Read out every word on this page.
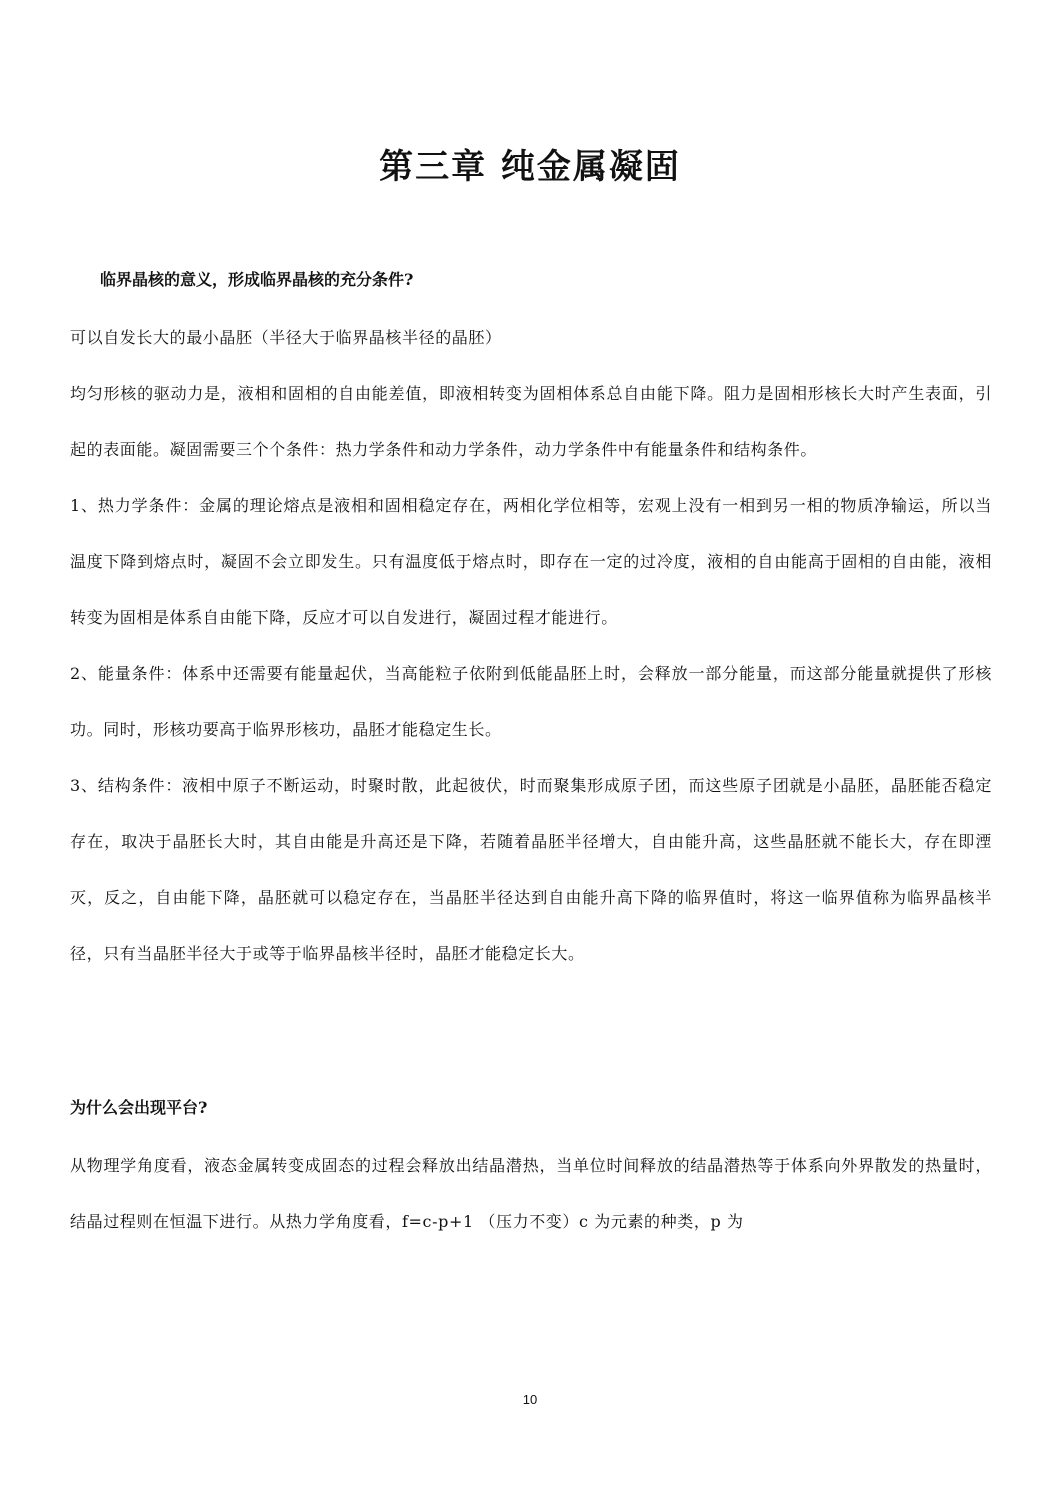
第三章 纯金属凝固

临界晶核的意义，形成临界晶核的充分条件?

可以自发长大的最小晶胚（半径大于临界晶核半径的晶胚）

均匀形核的驱动力是，液相和固相的自由能差值，即液相转变为固相体系总自由能下降。阻力是固相形核长大时产生表面，引起的表面能。凝固需要三个个条件：热力学条件和动力学条件，动力学条件中有能量条件和结构条件。

1、热力学条件：金属的理论熔点是液相和固相稳定存在，两相化学位相等，宏观上没有一相到另一相的物质净输运，所以当温度下降到熔点时，凝固不会立即发生。只有温度低于熔点时，即存在一定的过冷度，液相的自由能高于固相的自由能，液相转变为固相是体系自由能下降，反应才可以自发进行，凝固过程才能进行。

2、能量条件：体系中还需要有能量起伏，当高能粒子依附到低能晶胚上时，会释放一部分能量，而这部分能量就提供了形核功。同时，形核功要高于临界形核功，晶胚才能稳定生长。

3、结构条件：液相中原子不断运动，时聚时散，此起彼伏，时而聚集形成原子团，而这些原子团就是小晶胚，晶胚能否稳定存在，取决于晶胚长大时，其自由能是升高还是下降，若随着晶胚半径增大，自由能升高，这些晶胚就不能长大，存在即湮灭，反之，自由能下降，晶胚就可以稳定存在，当晶胚半径达到自由能升高下降的临界值时，将这一临界值称为临界晶核半径，只有当晶胚半径大于或等于临界晶核半径时，晶胚才能稳定长大。

为什么会出现平台?

从物理学角度看，液态金属转变成固态的过程会释放出结晶潜热，当单位时间释放的结晶潜热等于体系向外界散发的热量时，结晶过程则在恒温下进行。从热力学角度看，f=c-p+1 （压力不变）c 为元素的种类，p 为

10
